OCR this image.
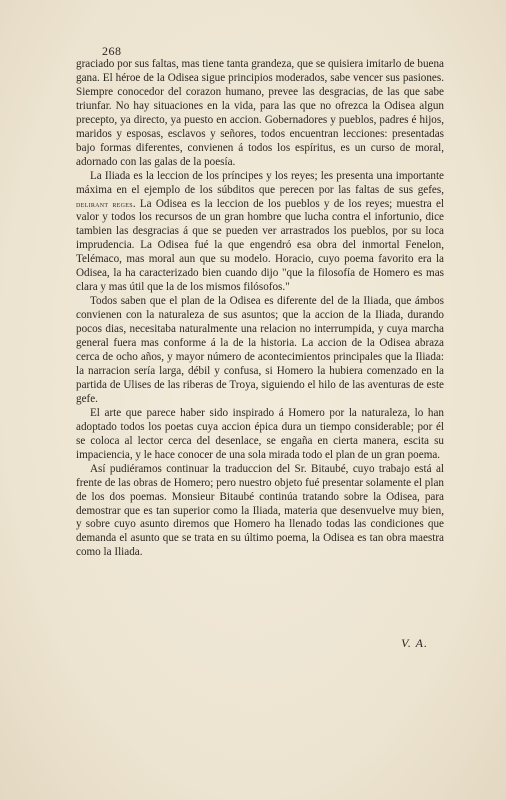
268

graciado por sus faltas, mas tiene tanta grandeza, que se quisiera imitarlo de buena gana. El héroe de la Odisea sigue principios moderados, sabe vencer sus pasiones. Siempre conocedor del corazon humano, prevee las desgracias, de las que sabe triunfar. No hay situaciones en la vida, para las que no ofrezca la Odisea algun precepto, ya directo, ya puesto en accion. Gobernadores y pueblos, padres é hijos, maridos y esposas, esclavos y señores, todos encuentran lecciones: presentadas bajo formas diferentes, convienen á todos los espíritus, es un curso de moral, adornado con las galas de la poesía.

La Iliada es la leccion de los príncipes y los reyes; les presenta una importante máxima en el ejemplo de los súbditos que perecen por las faltas de sus gefes, delirant reges. La Odisea es la leccion de los pueblos y de los reyes; muestra el valor y todos los recursos de un gran hombre que lucha contra el infortunio, dice tambien las desgracias á que se pueden ver arrastrados los pueblos, por su loca imprudencia. La Odisea fué la que engendró esa obra del inmortal Fenelon, Telémaco, mas moral aun que su modelo. Horacio, cuyo poema favorito era la Odisea, la ha caracterizado bien cuando dijo "que la filosofía de Homero es mas clara y mas útil que la de los mismos filósofos."

Todos saben que el plan de la Odisea es diferente del de la Iliada, que ámbos convienen con la naturaleza de sus asuntos; que la accion de la Iliada, durando pocos dias, necesitaba naturalmente una relacion no interrumpida, y cuya marcha general fuera mas conforme á la de la historia. La accion de la Odisea abraza cerca de ocho años, y mayor número de acontecimientos principales que la Iliada: la narracion sería larga, débil y confusa, si Homero la hubiera comenzado en la partida de Ulises de las riberas de Troya, siguiendo el hilo de las aventuras de este gefe.

El arte que parece haber sido inspirado á Homero por la naturaleza, lo han adoptado todos los poetas cuya accion épica dura un tiempo considerable; por él se coloca al lector cerca del desenlace, se engaña en cierta manera, escita su impaciencia, y le hace conocer de una sola mirada todo el plan de un gran poema.

Así pudiéramos continuar la traduccion del Sr. Bitaubé, cuyo trabajo está al frente de las obras de Homero; pero nuestro objeto fué presentar solamente el plan de los dos poemas. Monsieur Bitaubé continúa tratando sobre la Odisea, para demostrar que es tan superior como la Iliada, materia que desenvuelve muy bien, y sobre cuyo asunto diremos que Homero ha llenado todas las condiciones que demanda el asunto que se trata en su último poema, la Odisea es tan obra maestra como la Iliada.

V. A.
